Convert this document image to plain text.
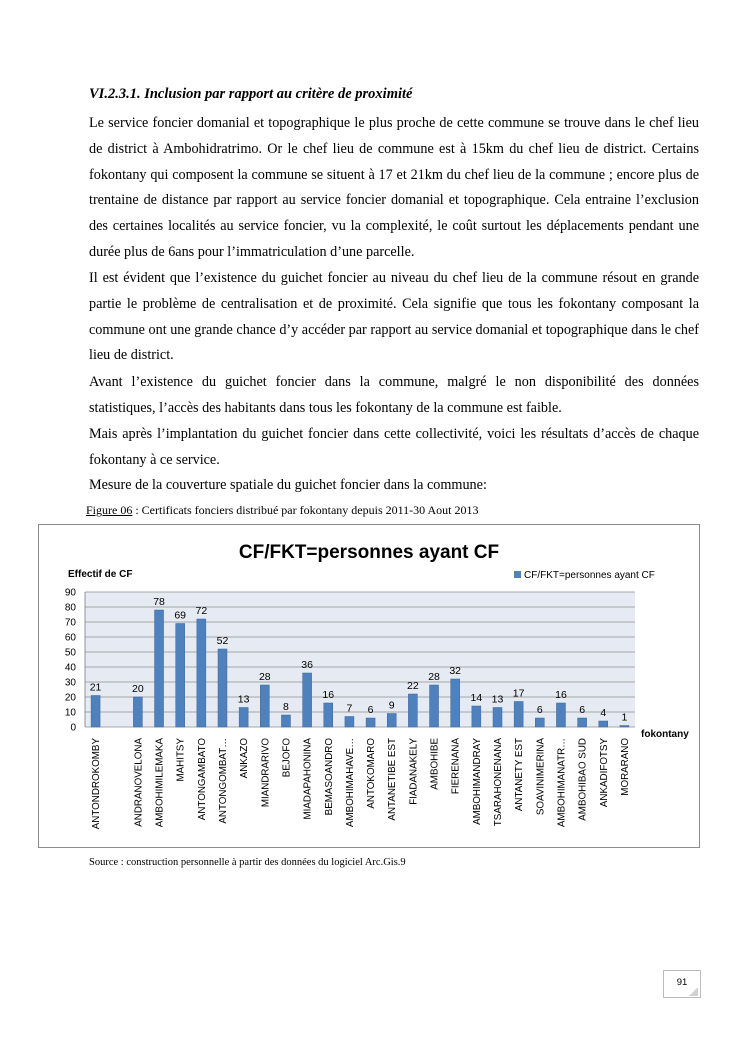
VI.2.3.1. Inclusion par rapport au critère de proximité

Le service foncier domanial et topographique le plus proche de cette commune se trouve dans le chef lieu de district à Ambohidratrimo. Or le chef lieu de commune est à 15km du chef lieu de district. Certains fokontany qui composent la commune se situent à 17 et 21km du chef lieu de la commune ; encore plus de trentaine de distance par rapport au service foncier domanial et topographique. Cela entraine l’exclusion des certaines localités au service foncier, vu la complexité, le coût surtout les déplacements pendant une durée plus de 6ans pour l’immatriculation d’une parcelle.

Il est évident que l’existence du guichet foncier au niveau du chef lieu de la commune résout en grande partie le problème de centralisation et de proximité. Cela signifie que tous les fokontany composant la commune ont une grande chance d’y accéder par rapport au service domanial et topographique dans le chef lieu de district.

Avant l’existence du guichet foncier dans la commune, malgré le non disponibilité des données statistiques, l’accès des habitants dans tous les fokontany de la commune est faible.

Mais après l’implantation du guichet foncier dans cette collectivité, voici les résultats d’accès de chaque fokontany à ce service.

Mesure de la couverture spatiale du guichet foncier dans la commune:

Figure 06 : Certificats fonciers distribué par fokontany depuis 2011-30 Aout 2013
CF/FKT=personnes ayant CF
Effectif de CF	CF/FKT=personnes ayant CF
0
10
20
30
40
50
60
70
80
90
21
ANTONDROKOMBY
20
ANDRANOVELONA
78
AMBOHIMILEMAKA
69
MAHITSY
72
ANTONGAMBATO
52
ANTONGOMBAT…
13
ANKAZO
28
MIANDRARIVO
8
BEJOFO
36
MIADAPAHONINA
16
BEMASOANDRO
7
AMBOHIMAHAVE…
6
ANTOKOMARO
9
ANTANETIBE EST
22
FIADANAKELY
28
AMBOHIBE
32
FIERENANA
14
AMBOHIMANDRAY
13
TSARAHONENANA
17
ANTANETY EST
6
SOAVINIMERINA
16
AMBOHIMANATR…
6
AMBOHIBAO SUD
4
ANKADIFOTSY
1
MORARANO
fokontany
Source : construction personnelle à partir des données du logiciel Arc.Gis.9
91
